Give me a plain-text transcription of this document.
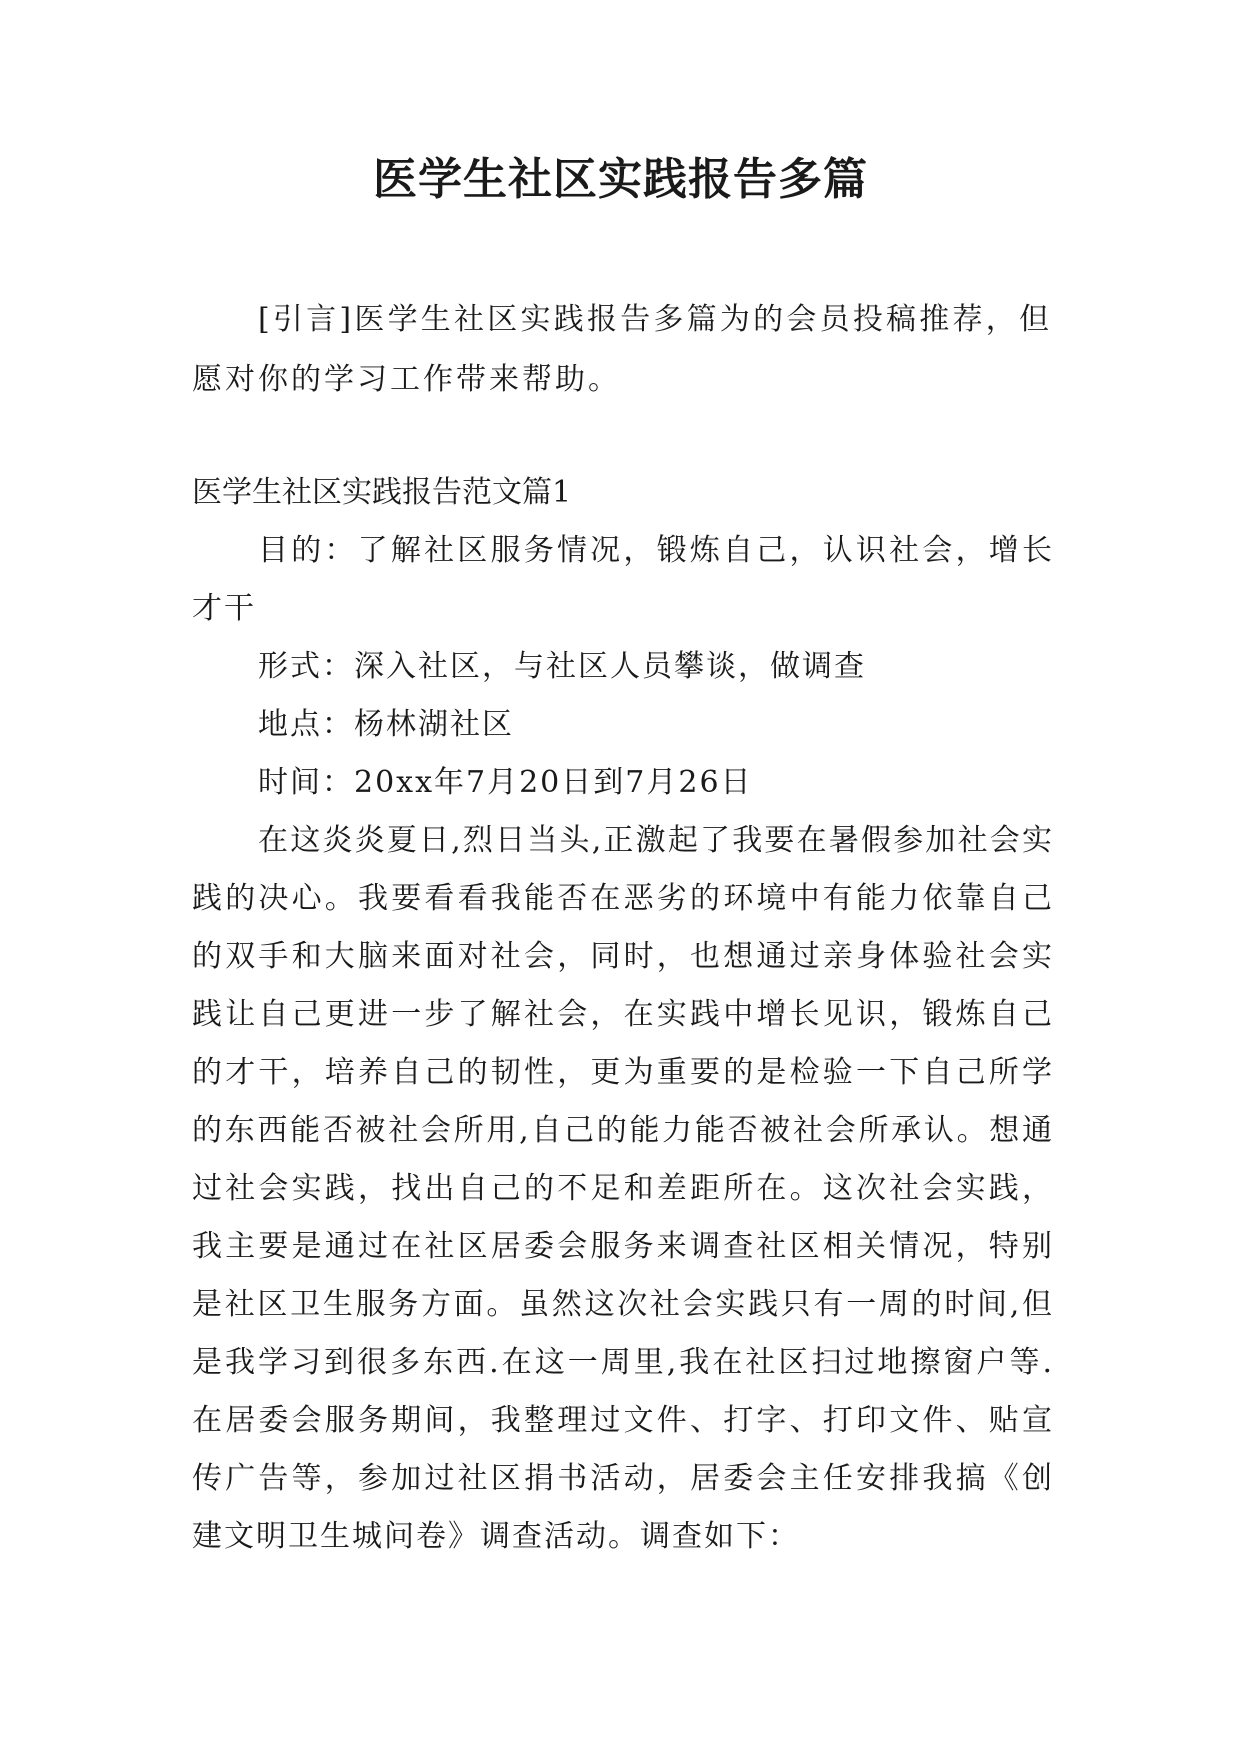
医学生社区实践报告多篇

[引言]医学生社区实践报告多篇为的会员投稿推荐，但愿对你的学习工作带来帮助。

医学生社区实践报告范文篇1

目的：了解社区服务情况，锻炼自己，认识社会，增长才干

形式：深入社区，与社区人员攀谈，做调查

地点：杨林湖社区

时间：20xx年7月20日到7月26日

在这炎炎夏日,烈日当头,正激起了我要在暑假参加社会实践的决心。我要看看我能否在恶劣的环境中有能力依靠自己的双手和大脑来面对社会，同时，也想通过亲身体验社会实践让自己更进一步了解社会，在实践中增长见识，锻炼自己的才干，培养自己的韧性，更为重要的是检验一下自己所学的东西能否被社会所用,自己的能力能否被社会所承认。想通过社会实践，找出自己的不足和差距所在。这次社会实践，我主要是通过在社区居委会服务来调查社区相关情况，特别是社区卫生服务方面。虽然这次社会实践只有一周的时间,但是我学习到很多东西.在这一周里,我在社区扫过地擦窗户等.在居委会服务期间，我整理过文件、打字、打印文件、贴宣传广告等，参加过社区捐书活动，居委会主任安排我搞《创建文明卫生城问卷》调查活动。调查如下：
